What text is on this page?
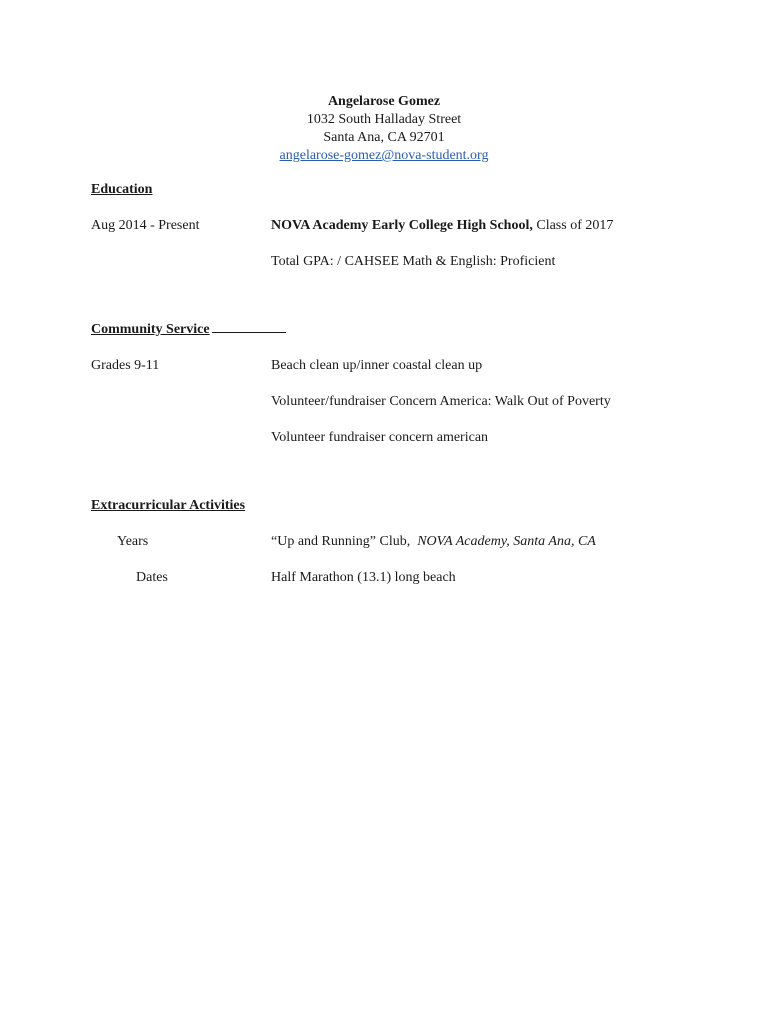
Angelarose Gomez
1032 South Halladay Street
Santa Ana, CA 92701
angelarose-gomez@nova-student.org
Education
Aug 2014 - Present	NOVA Academy Early College High School, Class of 2017
Total GPA: / CAHSEE Math & English: Proficient
Community Service
Grades 9-11	Beach clean up/inner coastal clean up
Volunteer/fundraiser Concern America: Walk Out of Poverty
Volunteer fundraiser concern american
Extracurricular Activities
Years	“Up and Running” Club, NOVA Academy, Santa Ana, CA
Dates	Half Marathon (13.1) long beach
